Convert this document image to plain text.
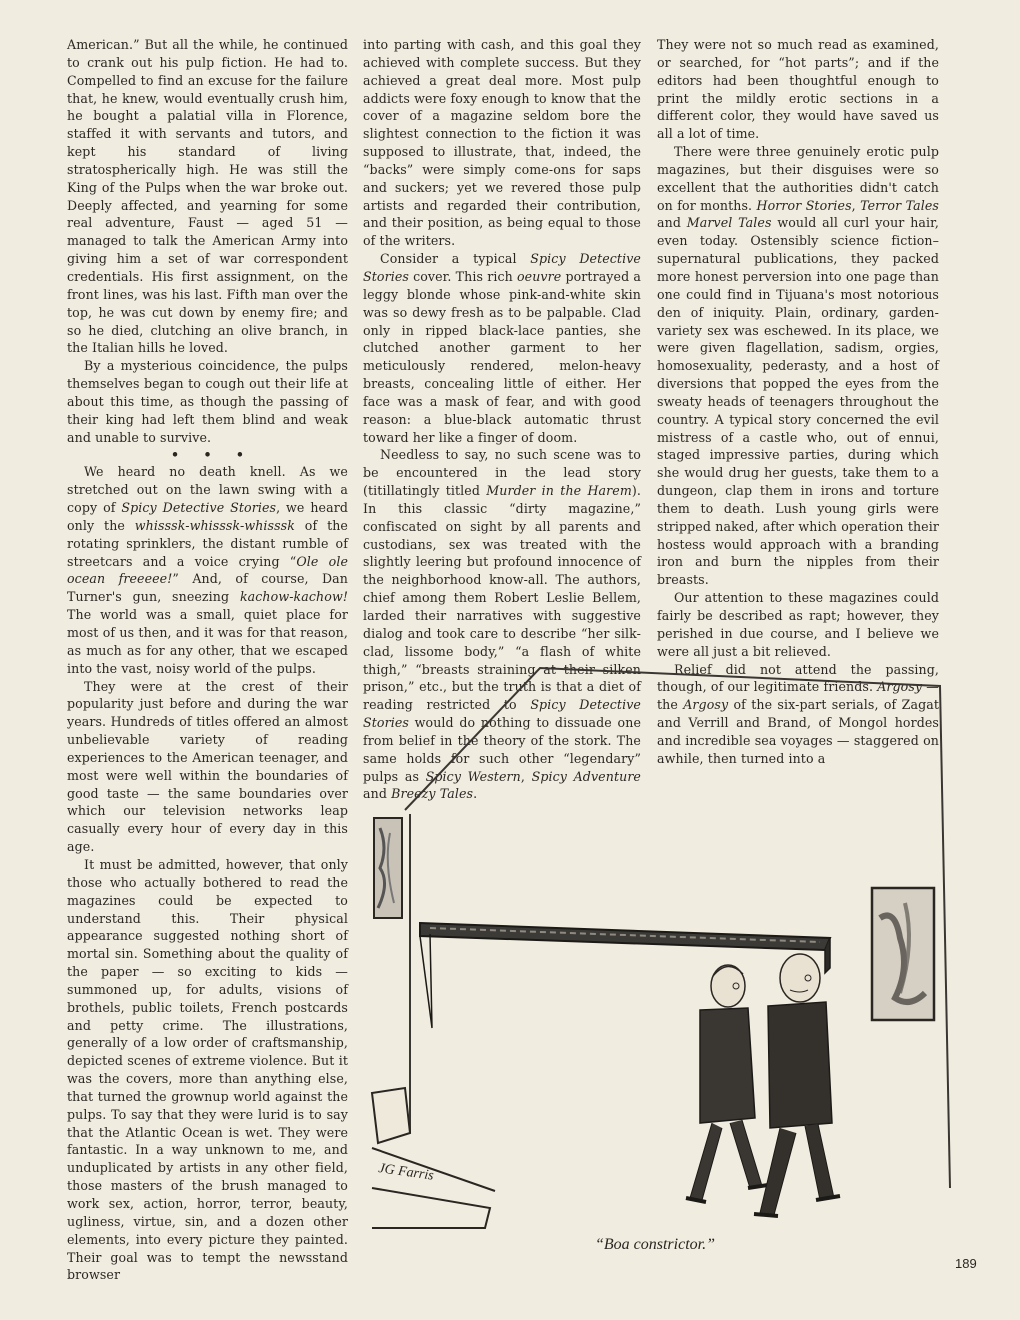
American.” But all the while, he continued to crank out his pulp fiction. He had to. Compelled to find an excuse for the failure that, he knew, would eventually crush him, he bought a palatial villa in Florence, staffed it with servants and tutors, and kept his standard of living stratospherically high. He was still the King of the Pulps when the war broke out. Deeply affected, and yearning for some real adventure, Faust — aged 51 — managed to talk the American Army into giving him a set of war correspondent credentials. His first assignment, on the front lines, was his last. Fifth man over the top, he was cut down by enemy fire; and so he died, clutching an olive branch, in the Italian hills he loved.

By a mysterious coincidence, the pulps themselves began to cough out their life at about this time, as though the passing of their king had left them blind and weak and unable to survive.

• • •

We heard no death knell. As we stretched out on the lawn swing with a copy of Spicy Detective Stories, we heard only the whisssk-whisssk-whisssk of the rotating sprinklers, the distant rumble of streetcars and a voice crying “Ole ole ocean freeeee!” And, of course, Dan Turner's gun, sneezing kachow-kachow! The world was a small, quiet place for most of us then, and it was for that reason, as much as for any other, that we escaped into the vast, noisy world of the pulps.

They were at the crest of their popularity just before and during the war years. Hundreds of titles offered an almost unbelievable variety of reading experiences to the American teenager, and most were well within the boundaries of good taste — the same boundaries over which our television networks leap casually every hour of every day in this age.

It must be admitted, however, that only those who actually bothered to read the magazines could be expected to understand this. Their physical appearance suggested nothing short of mortal sin. Something about the quality of the paper — so exciting to kids — summoned up, for adults, visions of brothels, public toilets, French postcards and petty crime. The illustrations, generally of a low order of craftsmanship, depicted scenes of extreme violence. But it was the covers, more than anything else, that turned the grownup world against the pulps. To say that they were lurid is to say that the Atlantic Ocean is wet. They were fantastic. In a way unknown to me, and unduplicated by artists in any other field, those masters of the brush managed to work sex, action, horror, terror, beauty, ugliness, virtue, sin, and a dozen other elements, into every picture they painted. Their goal was to tempt the newsstand browser

into parting with cash, and this goal they achieved with complete success. But they achieved a great deal more. Most pulp addicts were foxy enough to know that the cover of a magazine seldom bore the slightest connection to the fiction it was supposed to illustrate, that, indeed, the “backs” were simply come-ons for saps and suckers; yet we revered those pulp artists and regarded their contribution, and their position, as being equal to those of the writers.

Consider a typical Spicy Detective Stories cover. This rich oeuvre portrayed a leggy blonde whose pink-and-white skin was so dewy fresh as to be palpable. Clad only in ripped black-lace panties, she clutched another garment to her meticulously rendered, melon-heavy breasts, concealing little of either. Her face was a mask of fear, and with good reason: a blue-black automatic thrust toward her like a finger of doom.

Needless to say, no such scene was to be encountered in the lead story (titillatingly titled Murder in the Harem). In this classic “dirty magazine,” confiscated on sight by all parents and custodians, sex was treated with the slightly leering but profound innocence of the neighborhood know-all. The authors, chief among them Robert Leslie Bellem, larded their narratives with suggestive dialog and took care to describe “her silk-clad, lissome body,” “a flash of white thigh,” “breasts straining at their silken prison,” etc., but the truth is that a diet of reading restricted to Spicy Detective Stories would do nothing to dissuade one from belief in the theory of the stork. The same holds for such other “legendary” pulps as Spicy Western, Spicy Adventure and Breezy Tales.

They were not so much read as examined, or searched, for “hot parts”; and if the editors had been thoughtful enough to print the mildly erotic sections in a different color, they would have saved us all a lot of time.

There were three genuinely erotic pulp magazines, but their disguises were so excellent that the authorities didn't catch on for months. Horror Stories, Terror Tales and Marvel Tales would all curl your hair, even today. Ostensibly science fiction–supernatural publications, they packed more honest perversion into one page than one could find in Tijuana's most notorious den of iniquity. Plain, ordinary, garden-variety sex was eschewed. In its place, we were given flagellation, sadism, orgies, homosexuality, pederasty, and a host of diversions that popped the eyes from the sweaty heads of teenagers throughout the country. A typical story concerned the evil mistress of a castle who, out of ennui, staged impressive parties, during which she would drug her guests, take them to a dungeon, clap them in irons and torture them to death. Lush young girls were stripped naked, after which operation their hostess would approach with a branding iron and burn the nipples from their breasts.

Our attention to these magazines could fairly be described as rapt; however, they perished in due course, and I believe we were all just a bit relieved.

Relief did not attend the passing, though, of our legitimate friends. Argosy — the Argosy of the six-part serials, of Zagat and Verrill and Brand, of Mongol hordes and incredible sea voyages — staggered on awhile, then turned into a

JG Farris
“Boa constrictor.”
189
